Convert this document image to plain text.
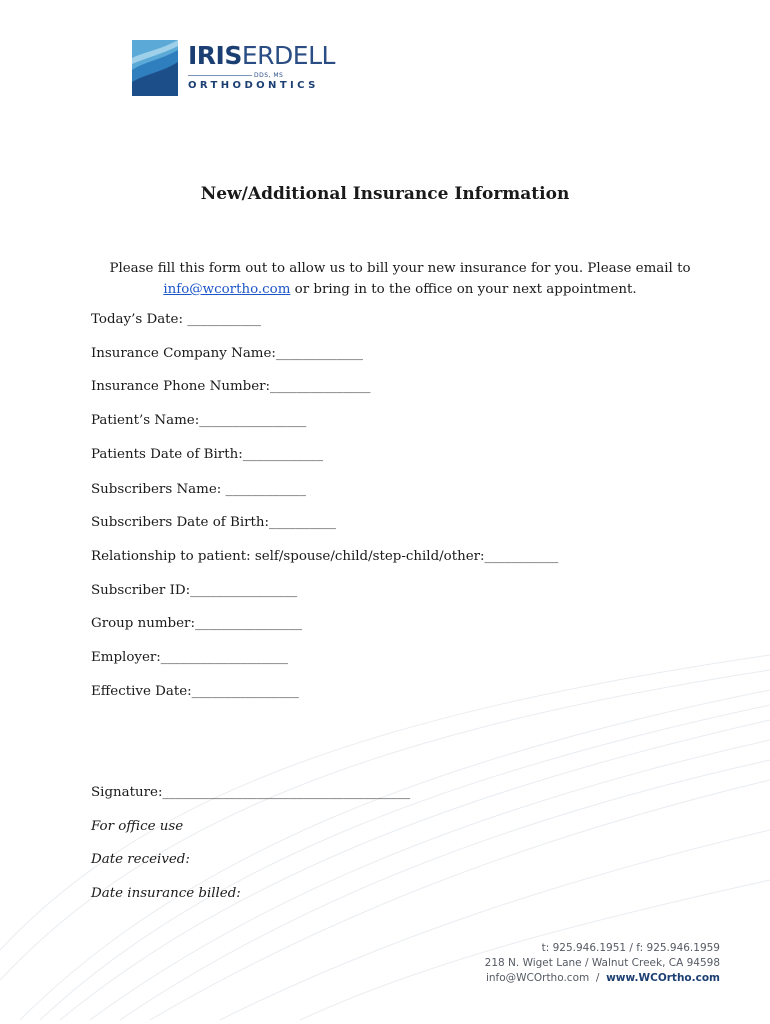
IRISERDELL
DDS, MS
ORTHODONTICS
New/Additional Insurance Information
Please fill this form out to allow us to bill your new insurance for you. Please email to
info@wcortho.com or bring in to the office on your next appointment.
Today’s Date: ___________
Insurance Company Name:_____________
Insurance Phone Number:_______________
Patient’s Name:________________
Patients Date of Birth:____________
Subscribers Name: ____________
Subscribers Date of Birth:__________
Relationship to patient: self/spouse/child/step-child/other:___________
Subscriber ID:________________
Group number:________________
Employer:___________________
Effective Date:________________
Signature:_____________________________________
For office use
Date received:
Date insurance billed:
t: 925.946.1951 / f: 925.946.1959
218 N. Wiget Lane / Walnut Creek, CA 94598
info@WCOrtho.com  /  www.WCOrtho.com
